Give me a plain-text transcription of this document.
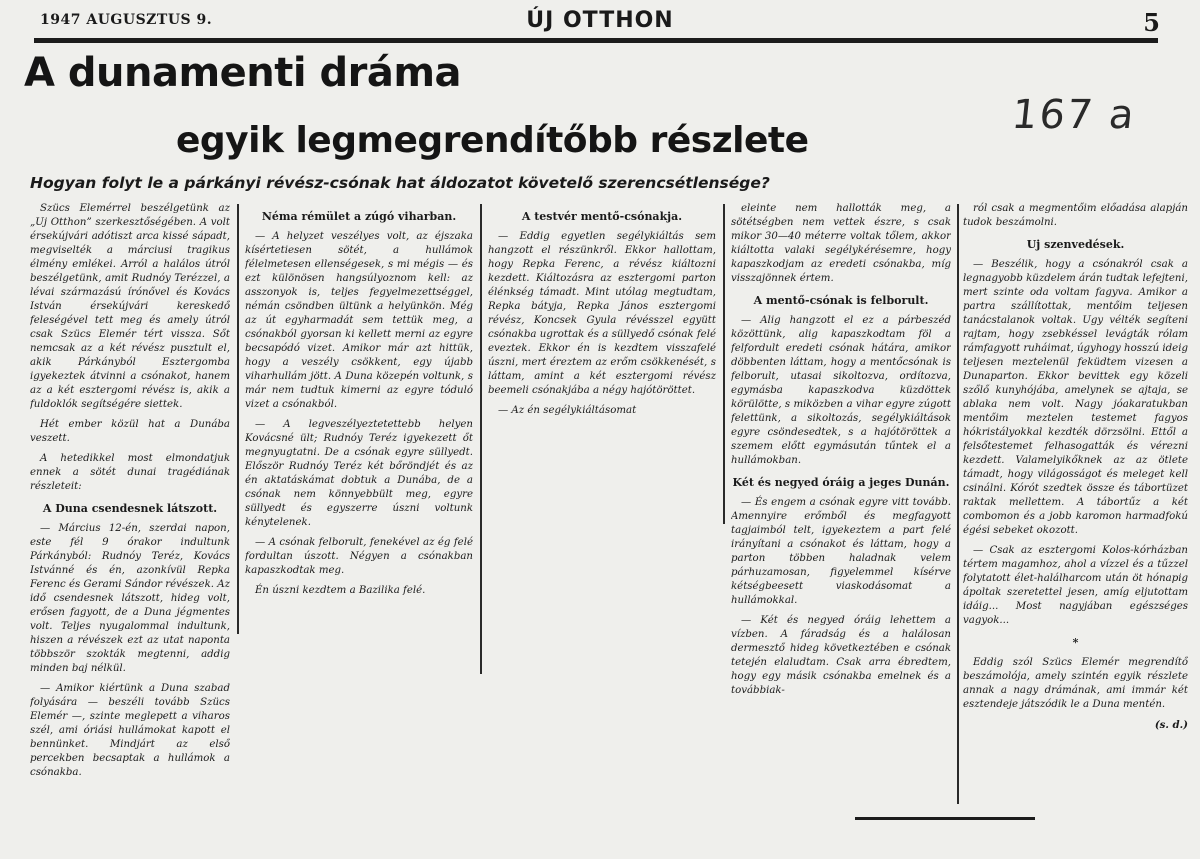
1947 AUGUSZTUS 9.	ÚJ OTTHON	5
A dunamenti dráma
egyik legmegrendítőbb részlete
167 a
Hogyan folyt le a párkányi révész-csónak hat áldozatot követelő szerencsétlensége?

Szücs Elemérrel beszélgetünk az „Uj Otthon” szerkesztőségében. A volt érsekújvári adótiszt arca kissé sápadt, megviselték a márciusi tragikus élmény emlékei. Arról a halálos útról beszélgetünk, amit Rudnóy Terézzel, a lévai származású írónővel és Kovács István érsekújvári kereskedő feleségével tett meg és amely útról csak Szücs Elemér tért vissza. Sőt nemcsak az a két révész pusztult el, akik Párkányból Esztergomba igyekeztek átvinni a csónakot, hanem az a két esztergomi révész is, akik a fuldoklók segítségére siettek.

Hét ember közül hat a Dunába veszett.

A hetedikkel most elmondatjuk ennek a sötét dunai tragédiának részleteit:

A Duna csendesnek látszott.

— Március 12-én, szerdai napon, este fél 9 órakor indultunk Párkányból: Rudnóy Teréz, Kovács Istvánné és én, azonkívül Repka Ferenc és Gerami Sándor révészek. Az idő csendesnek látszott, hideg volt, erősen fagyott, de a Duna jégmentes volt. Teljes nyugalommal indultunk, hiszen a révészek ezt az utat naponta többször szokták megtenni, addig minden baj nélkül.

— Amikor kiértünk a Duna szabad folyására — beszéli tovább Szücs Elemér —, szinte meglepett a viharos szél, ami óriási hullámokat kapott el bennünket. Mindjárt az első percekben becsaptak a hullámok a csónakba.

Néma rémület a zúgó viharban.

— A helyzet veszélyes volt, az éjszaka kísértetiesen sötét, a hullámok félelmetesen ellenségesek, s mi mégis — és ezt különösen hangsúlyoznom kell: az asszonyok is, teljes fegyelmezettséggel, némán csöndben ültünk a helyünkön. Még az út egyharmadát sem tettük meg, a csónakból gyorsan ki kellett merni az egyre becsapódó vizet. Amikor már azt hittük, hogy a veszély csökkent, egy újabb viharhullám jött. A Duna közepén voltunk, s már nem tudtuk kimerni az egyre tóduló vizet a csónakból.

— A legveszélyeztetettebb helyen Kovácsné ült; Rudnóy Teréz igyekezett őt megnyugtatni. De a csónak egyre süllyedt. Először Rudnóy Teréz két bőröndjét és az én aktatáskámat dobtuk a Dunába, de a csónak nem könnyebbült meg, egyre süllyedt és egyszerre úszni voltunk kénytelenek.

— A csónak felborult, fenekével az ég felé fordultan úszott. Négyen a csónakban kapaszkodtak meg.

Én úszni kezdtem a Bazilika felé.

A testvér mentő-csónakja.

— Eddig egyetlen segélykiáltás sem hangzott el részünkről. Ekkor hallottam, hogy Repka Ferenc, a révész kiáltozni kezdett. Kiáltozásra az esztergomi parton élénkség támadt. Mint utólag megtudtam, Repka bátyja, Repka János esztergomi révész, Koncsek Gyula révésszel együtt csónakba ugrottak és a süllyedő csónak felé eveztek. Ekkor én is kezdtem visszafelé úszni, mert éreztem az erőm csökkenését, s láttam, amint a két esztergomi révész beemeli csónakjába a négy hajótöröttet.

— Az én segélykiáltásomat

eleinte nem hallották meg, a sötétségben nem vettek észre, s csak mikor 30—40 méterre voltak tőlem, akkor kiáltotta valaki segélykérésemre, hogy kapaszkodjam az eredeti csónakba, míg visszajönnek értem.

A mentő-csónak is felborult.

— Alig hangzott el ez a párbeszéd közöttünk, alig kapaszkodtam föl a felfordult eredeti csónak hátára, amikor döbbenten láttam, hogy a mentőcsónak is felborult, utasai sikoltozva, ordítozva, egymásba kapaszkodva küzdöttek körülötte, s miközben a vihar egyre zúgott felettünk, a sikoltozás, segélykiáltások egyre csöndesedtek, s a hajótöröttek a szemem előtt egymásután tűntek el a hullámokban.

Két és negyed óráig a jeges Dunán.

— És engem a csónak egyre vitt tovább. Amennyire erőmből és megfagyott tagjaimból telt, igyekeztem a part felé irányítani a csónakot és láttam, hogy a parton többen haladnak velem párhuzamosan, figyelemmel kísérve kétségbeesett viaskodásomat a hullámokkal.

— Két és negyed óráig lehettem a vízben. A fáradság és a halálosan dermesztő hideg következtében e csónak tetején elaludtam. Csak arra ébredtem, hogy egy másik csónakba emelnek és a továbbiak-

ról csak a megmentőim előadása alapján tudok beszámolni.

Uj szenvedések.

— Beszélik, hogy a csónakról csak a legnagyobb küzdelem árán tudtak lefejteni, mert szinte oda voltam fagyva. Amikor a partra szállítottak, mentőim teljesen tanácstalanok voltak. Ugy vélték segíteni rajtam, hogy zsebkéssel levágták rólam rámfagyott ruháimat, úgyhogy hosszú ideig teljesen meztelenül feküdtem vizesen a Dunaparton. Ekkor bevittek egy közeli szőlő kunyhójába, amelynek se ajtaja, se ablaka nem volt. Nagy jóakaratukban mentőim meztelen testemet fagyos hókristályokkal kezdték dörzsölni. Ettől a felsőtestemet felhasogatták és vérezni kezdett. Valamelyikőknek az az ötlete támadt, hogy világosságot és meleget kell csinálni. Kórót szedtek össze és tábortüzet raktak mellettem. A tábortűz a két combomon és a jobb karomon harmadfokú égési sebeket okozott.

— Csak az esztergomi Kolos-kórházban tértem magamhoz, ahol a vízzel és a tűzzel folytatott élet-halálharcom után öt hónapig ápoltak szeretettel jesen, amíg eljutottam idáig... Most nagyjában egészséges vagyok...

*

Eddig szól Szücs Elemér megrendítő beszámolója, amely szintén egyik részlete annak a nagy drámának, ami immár két esztendeje játszódik le a Duna mentén.

(s. d.)
